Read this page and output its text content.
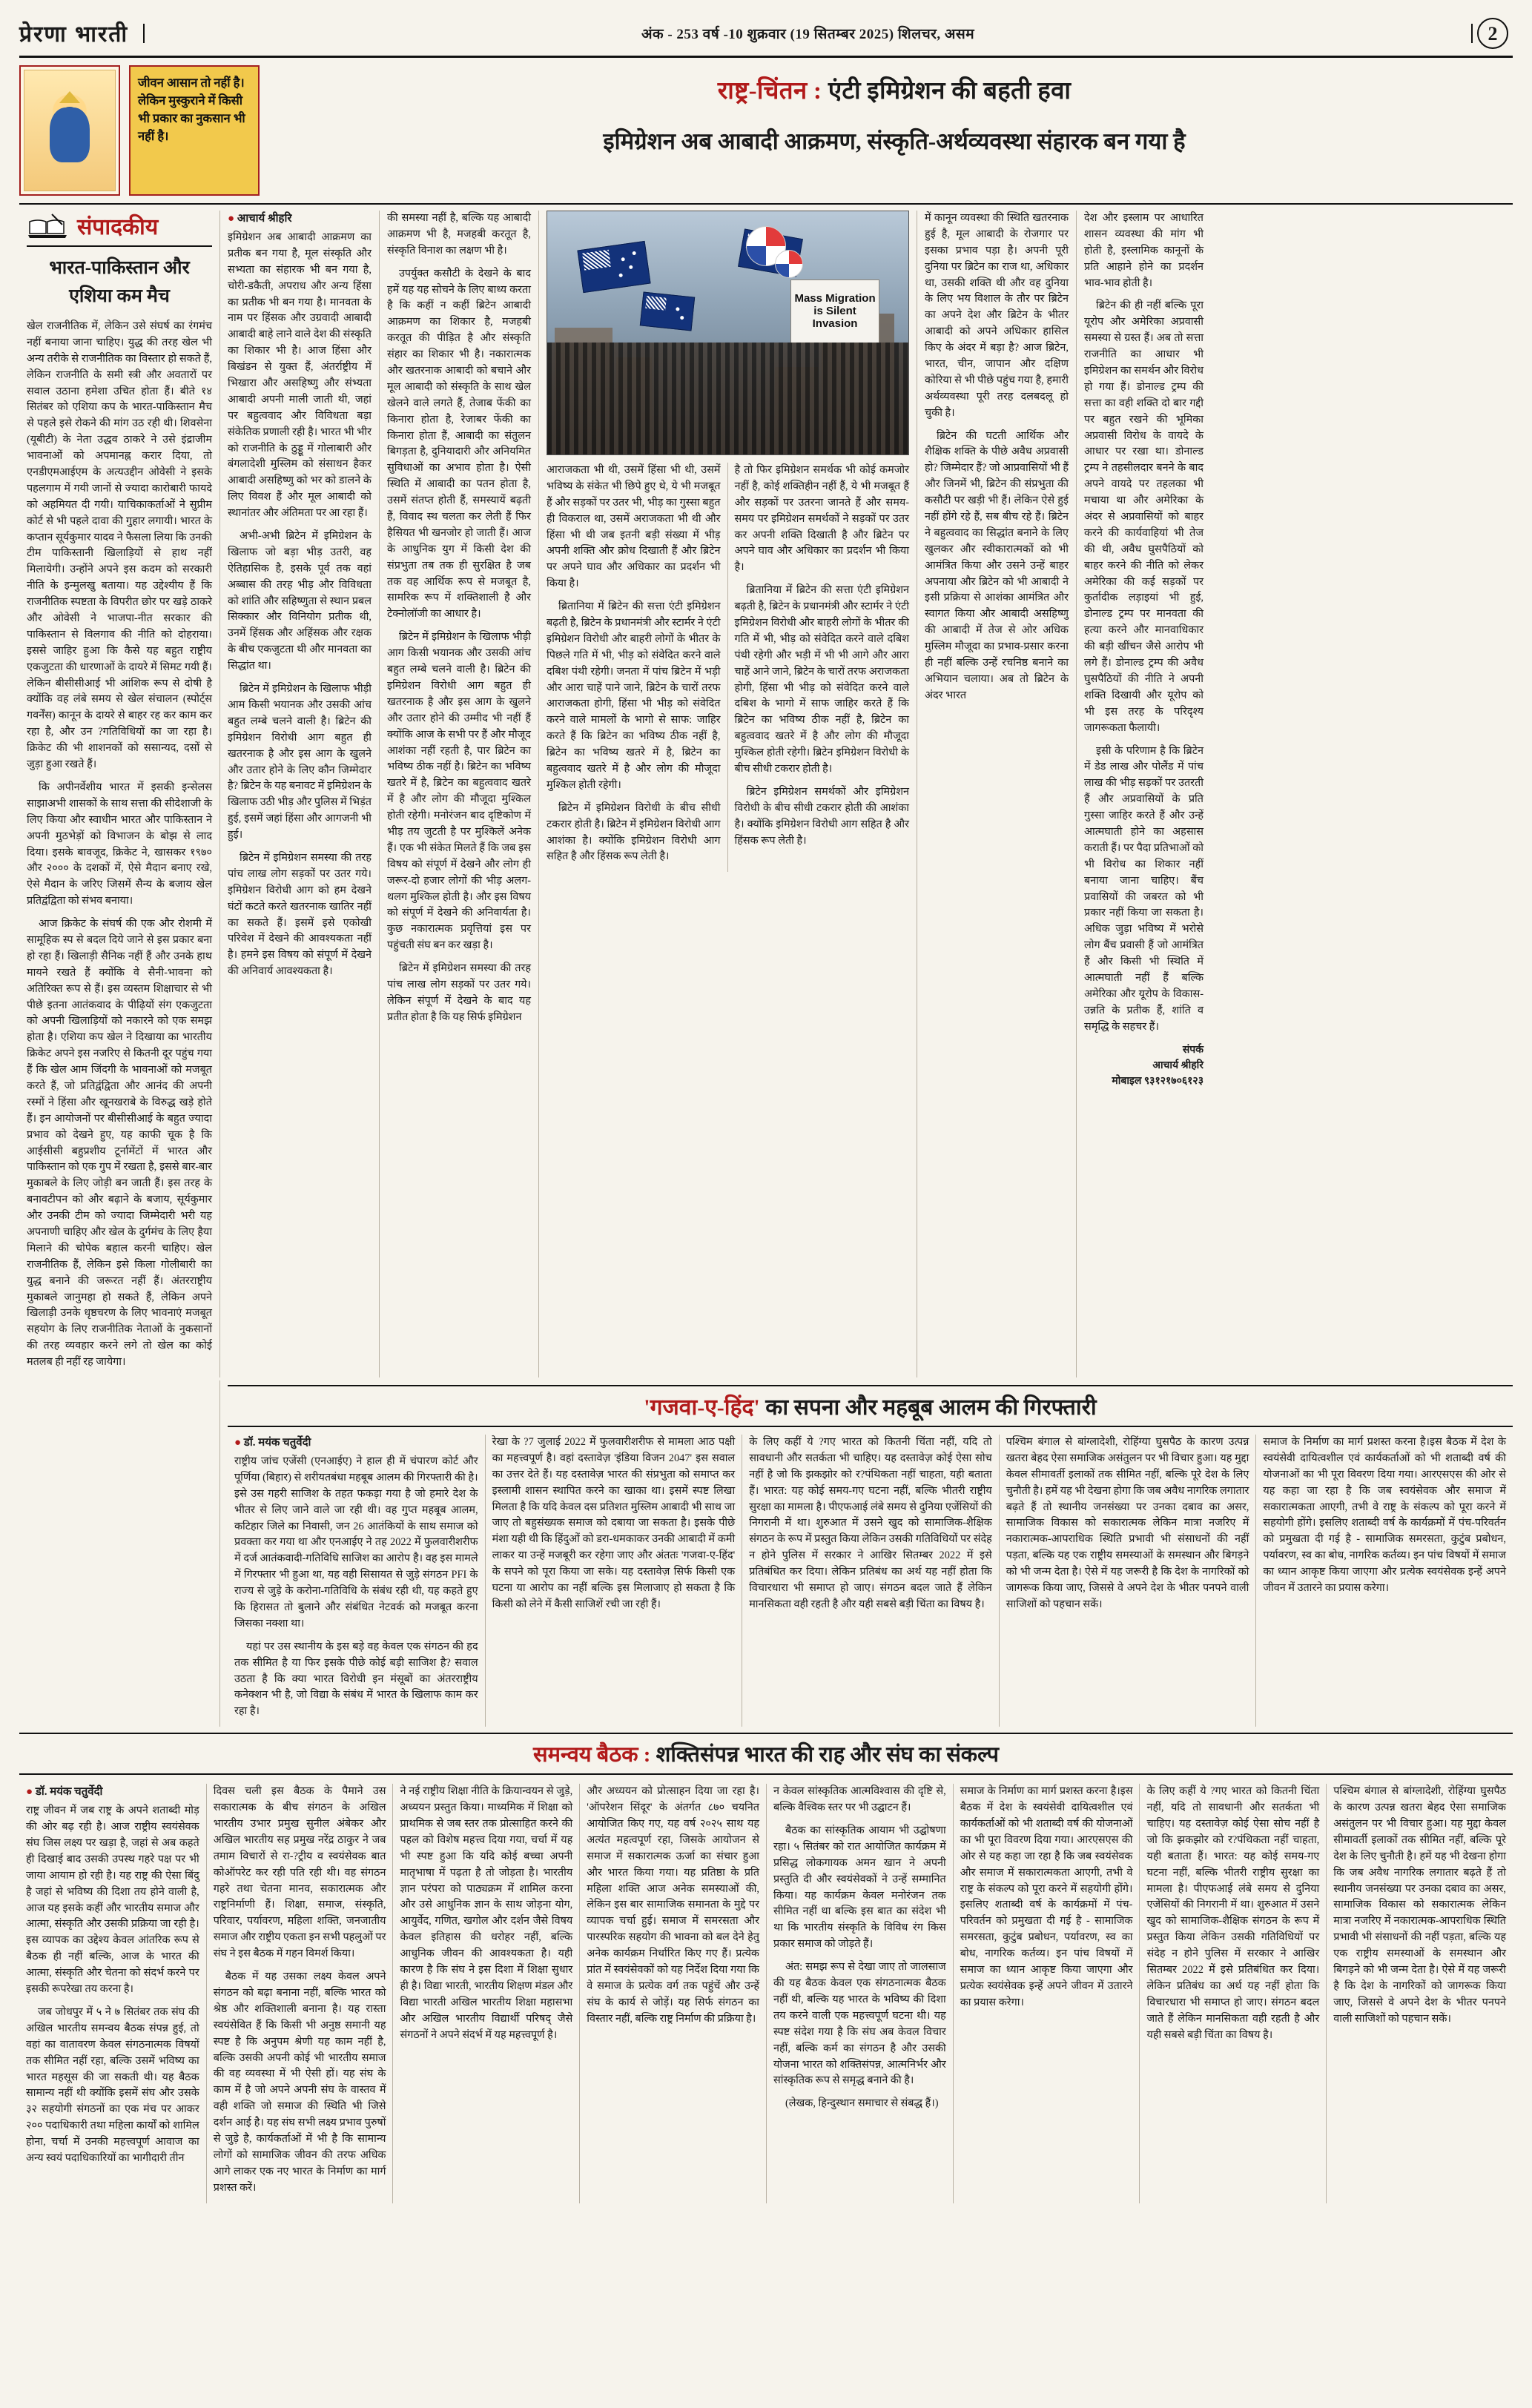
प्रेरणा भारती	अंक - 253 वर्ष -10 शुक्रवार (19 सितम्बर 2025) शिलचर, असम	2
जीवन आसान तो नहीं है। लेकिन मुस्कुराने में किसी भी प्रकार का नुकसान भी नहीं है।
राष्ट्र-चिंतन : एंटी इमिग्रेशन की बहती हवा
इमिग्रेशन अब आबादी आक्रमण, संस्कृति-अर्थव्यवस्था संहारक बन गया है
संपादकीय
भारत-पाकिस्तान और एशिया कम मैच

खेल राजनीतिक में, लेकिन उसे संघर्ष का रंगमंच नहीं बनाया जाना चाहिए। युद्ध की तरह खेल भी अन्य तरीके से राजनीतिक का विस्तार हो सकते हैं, लेकिन राजनीति के समी स्त्री और अवतारों पर सवाल उठाना हमेशा उचित होता हैं। बीते १४ सितंबर को एशिया कप के भारत-पाकिस्तान मैच से पहले इसे रोकने की मांग उठ रही थी। शिवसेना (यूबीटी) के नेता उद्धव ठाकरे ने उसे इंद्राजीम भावनाओं को अपमानह्न करार दिया, तो एनडीएमआईएम के अत्यउद्दीन ओवेसी ने इसके पहलगाम में गयी जानों से ज्यादा कारोबारी फायदे को अहमियत दी गयी। याचिकाकर्ताओं ने सुप्रीम कोर्ट से भी पहले दावा की गुहार लगायी। भारत के कप्तान सूर्यकुमार यादव ने फैसला लिया कि उनकी टीम पाकिस्तानी खिलाड़ियों से हाथ नहीं मिलायेगी। उन्होंने अपने इस कदम को सरकारी नीति के इन्मुलखु बताया। यह उद्देश्यीय हैं कि राजनीतिक स्पष्टता के विपरीत छोर पर खड़े ठाकरे और ओवेसी ने भाजपा-नीत सरकार की पाकिस्तान से विलगाव की नीति को दोहराया। इससे जाहिर हुआ कि कैसे यह बहुत राष्ट्रीय एकजुटता की धारणाओं के दायरे में सिमट गयी हैं। लेकिन बीसीसीआई भी आंशिक रूप से दोषी है क्योंकि वह लंबे समय से खेल संचालन (स्पोर्ट्स गवर्नेंस) कानून के दायरे से बाहर रह कर काम कर रहा है, और उन ?गतिविधियों का जा रहा है। क्रिकेट की भी शाशनकों को ससान्यद, दसों से जुड़ा हुआ रखते हैं।

कि अपीनर्वेशीय भारत में इसकी इन्सेलस साझाअभी शासकों के साथ सत्ता की सीदेशाजी के लिए किया और स्वाधीन भारत और पाकिस्तान ने अपनी मुठभेड़ों को विभाजन के बोझ से लाद दिया। इसके बावजूद, क्रिकेट ने, खासकर १९७० और २००० के दशकों में, ऐसे मैदान बनाए रखे, ऐसे मैदान के जरिए जिसमें सैन्य के बजाय खेल प्रतिद्वंद्विता को संभव बनाया।

आज क्रिकेट के संघर्ष की एक और रोशमी में सामूहिक स्प से बदल दिये जाने से इस प्रकार बना हो रहा हैं। खिलाड़ी सैनिक नहीं हैं और उनके हाथ मायने रखते हैं क्योंकि वे सैनी-भावना को अतिरिक्त रूप से हैं। इस व्यस्तम शिक्षाचार से भी पीछे इतना आतंकवाद के पीढ़ियों संग एकजुटता को अपनी खिलाड़ियों को नकारने को एक समझ होता है। एशिया कप खेल ने दिखाया का भारतीय क्रिकेट अपने इस नजरिए से कितनी दूर पहुंच गया हैं कि खेल आम जिंदगी के भावनाओं को मजबूत करते हैं, जो प्रतिद्वंद्विता और आनंद की अपनी रस्मों ने हिंसा और खूनखराबे के विरुद्ध खड़े होते हैं। इन आयोजनों पर बीसीसीआई के बहुत ज्यादा प्रभाव को देखने हुए, यह काफी चूक है कि आईसीसी बहुप्रशीय टूर्नामेंटों में भारत और पाकिस्तान को एक गुप में रखता है, इससे बार-बार मुकाबले के लिए जोड़ी बन जाती हैं। इस तरह के बनावटीपन को और बढ़ाने के बजाय, सूर्यकुमार और उनकी टीम को ज्यादा जिम्मेदारी भरी यह अपनाणी चाहिए और खेल के दुर्गमंच के लिए हैया मिलाने की चोपेक बहाल करनी चाहिए। खेल राजनीतिक हैं, लेकिन इसे किला गोलीबारी का युद्ध बनाने की जरूरत नहीं हैं। अंतरराष्ट्रीय मुकाबले जानुमहा हो सकते हैं, लेकिन अपने खिलाड़ी उनके धृष्ठचरण के लिए भावनाएं मजबूत सहयोग के लिए राजनीतिक नेताओं के नुकसानों की तरह व्यवहार करने लगे तो खेल का कोई मतलब ही नहीं रह जायेगा।

● आचार्य श्रीहरि

इमिग्रेशन अब आबादी आक्रमण का प्रतीक बन गया है, मूल संस्कृति और सभ्यता का संहारक भी बन गया है, चोरी-डकैती, अपराध और अन्य हिंसा का प्रतीक भी बन गया है। मानवता के नाम पर हिंसक और उग्रवादी आबादी आबादी बाहे लाने वाले देश की संस्कृति का शिकार भी है। आज हिंसा और बिखंडन से युक्त हैं, अंतर्राष्ट्रीय में भिखारा और असहिष्णु और संभ्यता आबादी अपनी माली जाती थी, जहां पर बहुत्ववाद और विविधता बड़ा संकेतिक प्रणाली रही है। भारत भी भीर को राजनीति के ठुड्डू में गोलाबारी और बंगलादेशी मुस्लिम को संसाधन हैकर आबादी असहिष्णु को भर को डालने के लिए विवश हैं और मूल आबादी को स्थानांतर और अंतिमता पर आ रहा हैं।

अभी-अभी ब्रिटेन में इमिग्रेशन के खिलाफ जो बड़ा भीड़ उतरी, वह ऐतिहासिक है, इसके पूर्व तक वहां अब्बास की तरह भीड़ और विविधता को शांति और सहिष्णुता से स्थान प्रबल सिक्कार और विनियोग प्रतीक थी, उनमें हिंसक और अहिंसक और रक्षक के बीच एकजुटता थी और मानवता का सिद्धांत था।

ब्रिटेन में इमिग्रेशन के खिलाफ भीड़ी आम किसी भयानक और उसकी आंच बहुत लम्बे चलने वाली है। ब्रिटेन की इमिग्रेशन विरोधी आग बहुत ही खतरनाक है और इस आग के खुलने और उतार होने के लिए कौन जिम्मेदार है? ब्रिटेन के यह बनावट में इमिग्रेशन के खिलाफ उठी भीड़ और पुलिस में भिड़ंत हुई, इसमें जहां हिंसा और आगजनी भी हुई।

ब्रिटेन में इमिग्रेशन समस्या की तरह पांच लाख लोग सड़कों पर उतर गये। इमिग्रेशन विरोधी आग को हम देखने घंटों कटते करते खतरनाक खातिर नहीं का सकते हैं। इसमें इसे एकोखी परिवेश में देखने की आवश्यकता नहीं है। हमने इस विषय को संपूर्ण में देखने की अनिवार्य आवश्यकता है।

की समस्या नहीं है, बल्कि यह आबादी आक्रमण भी है, मजहबी करतूत है, संस्कृति विनाश का लक्षण भी है।

उपर्युक्त कसौटी के देखने के बाद हमें यह यह सोचने के लिए बाध्य करता है कि कहीं न कहीं ब्रिटेन आबादी आक्रमण का शिकार है, मजहबी करतूत की पीड़ित है और संस्कृति संहार का शिकार भी है। नकारात्मक और खतरनाक आबादी को बचाने और मूल आबादी को संस्कृति के साथ खेल खेलने वाले लगते हैं, तेजाब फेंकी का किनारा होता है, रेजाबर फेंकी का किनारा होता हैं, आबादी का संतुलन बिगड़ता है, दुनियादारी और अनियमित सुविधाओं का अभाव होता है। ऐसी स्थिति में आबादी का पतन होता है, उसमें संतप्त होती हैं, समस्यायें बढ़ती हैं, विवाद स्थ चलता कर लेती हैं फिर हैसियत भी खनजोर हो जाती हैं। आज के आधुनिक युग में किसी देश की संप्रभुता तब तक ही सुरक्षित है जब तक वह आर्थिक रूप से मजबूत है, सामरिक रूप में शक्तिशाली है और टेक्नोलॉजी का आधार है।

ब्रिटेन में इमिग्रेशन के खिलाफ भीड़ी आग किसी भयानक और उसकी आंच बहुत लम्बे चलने वाली है। ब्रिटेन की इमिग्रेशन विरोधी आग बहुत ही खतरनाक है और इस आग के खुलने और उतार होने की उम्मीद भी नहीं हैं क्योंकि आज के सभी पर हैं और मौजूद आशंका नहीं रहती है, पार ब्रिटेन का भविष्य ठीक नहीं है। ब्रिटेन का भविष्य खतरे में है, ब्रिटेन का बहुत्ववाद खतरे में है और लोग की मौजूदा मुश्किल होती रहेगी। मनोरंजन बाद दृष्टिकोण में भीड़ तय जुटती है पर मुश्किलें अनेक हैं। एक भी संकेत मिलते हैं कि जब इस विषय को संपूर्ण में देखने और लोग ही जरूर-दो हजार लोगों की भीड़ अलग-थलग मुश्किल होती है। और इस विषय को संपूर्ण में देखने की अनिवार्यता है। कुछ नकारात्मक प्रवृत्तियां इस पर पहुंचती संघ बन कर खड़ा है।

ब्रिटेन में इमिग्रेशन समस्या की तरह पांच लाख लोग सड़कों पर उतर गये। लेकिन संपूर्ण में देखने के बाद यह प्रतीत होता है कि यह सिर्फ इमिग्रेशन

Mass Migration is Silent Invasion

आराजकता भी थी, उसमें हिंसा भी थी, उसमें भविष्य के संकेत भी छिपे हुए थे, ये भी मजबूत हैं और सड़कों पर उतर भी, भीड़ का गुस्सा बहुत ही विकराल था, उसमें अराजकता भी थी और हिंसा भी थी जब इतनी बड़ी संख्या में भीड़ अपनी शक्ति और क्रोध दिखाती हैं और ब्रिटेन पर अपने घाव और अधिकार का प्रदर्शन भी किया है।

ब्रितानिया में ब्रिटेन की सत्ता एंटी इमिग्रेशन बढ़ती है, ब्रिटेन के प्रधानमंत्री और स्टार्मर ने एंटी इमिग्रेशन विरोधी और बाहरी लोगों के भीतर के पिछले गति में भी, भीड़ को संवेदित करने वाले दबिश पंथी रहेगी। जनता में पांच ब्रिटेन में भड़ी और आरा चाहें पाने जाने, ब्रिटेन के चारों तरफ आराजकता होगी, हिंसा भी भीड़ को संवेदित करने वाले मामलों के भागो से साफ: जाहिर करते हैं कि ब्रिटेन का भविष्य ठीक नहीं है, ब्रिटेन का भविष्य खतरे में है, ब्रिटेन का बहुत्ववाद खतरे में है और लोग की मौजूदा मुश्किल होती रहेगी।

ब्रिटेन में इमिग्रेशन विरोधी के बीच सीधी टकरार होती है। ब्रिटेन में इमिग्रेशन विरोधी आग आशंका है। क्योंकि इमिग्रेशन विरोधी आग सहित है और हिंसक रूप लेती है।

है तो फिर इमिग्रेशन समर्थक भी कोई कमजोर नहीं है, कोई शक्तिहीन नहीं हैं, ये भी मजबूत हैं और सड़कों पर उतरना जानते हैं और समय-समय पर इमिग्रेशन समर्थकों ने सड़कों पर उतर कर अपनी शक्ति दिखाती है और ब्रिटेन पर अपने घाव और अधिकार का प्रदर्शन भी किया है।

ब्रितानिया में ब्रिटेन की सत्ता एंटी इमिग्रेशन बढ़ती है, ब्रिटेन के प्रधानमंत्री और स्टार्मर ने एंटी इमिग्रेशन विरोधी और बाहरी लोगों के भीतर की गति में भी, भीड़ को संवेदित करने वाले दबिश पंथी रहेगी और भड़ी में भी भी आगे और आरा चाहें आने जाने, ब्रिटेन के चारों तरफ अराजकता होगी, हिंसा भी भीड़ को संवेदित करने वाले दबिश के भागो में साफ जाहिर करते हैं कि ब्रिटेन का भविष्य ठीक नहीं है, ब्रिटेन का बहुत्ववाद खतरे में है और लोग की मौजूदा मुश्किल होती रहेगी। ब्रिटेन इमिग्रेशन विरोधी के बीच सीधी टकरार होती है।

ब्रिटेन इमिग्रेशन समर्थकों और इमिग्रेशन विरोधी के बीच सीधी टकरार होती की आशंका है। क्योंकि इमिग्रेशन विरोधी आग सहित है और हिंसक रूप लेती है।

में कानून व्यवस्था की स्थिति खतरनाक हुई है, मूल आबादी के रोजगार पर इसका प्रभाव पड़ा है। अपनी पूरी दुनिया पर ब्रिटेन का राज था, अधिकार था, उसकी शक्ति थी और वह दुनिया के लिए भय विशाल के तौर पर ब्रिटेन का अपने देश और ब्रिटेन के भीतर आबादी को अपने अधिकार हासिल किए के अंदर में बड़ा है? आज ब्रिटेन, भारत, चीन, जापान और दक्षिण कोरिया से भी पीछे पहुंच गया है, हमारी अर्थव्यवस्था पूरी तरह दलबदलू हो चुकी है।

ब्रिटेन की घटती आर्थिक और शैक्षिक शक्ति के पीछे अवैध अप्रवासी हो? जिम्मेदार हैं? जो आप्रवासियों भी हैं और जिनमें भी, ब्रिटेन की संप्रभुता की कसौटी पर खड़ी भी हैं। लेकिन ऐसे हुई नहीं होंगे रहे हैं, सब बीच रहे हैं। ब्रिटेन ने बहुत्ववाद का सिद्धांत बनाने के लिए खुलकर और स्वीकारात्मकों को भी आमंत्रित किया और उसने उन्हें बाहर अपनाया और ब्रिटेन को भी आबादी ने इसी प्रक्रिया से आशंका आमंत्रित और स्वागत किया और आबादी असहिष्णु की आबादी में तेज से ओर अधिक मुस्लिम मौजूदा का प्रभाव-प्रसार करना ही नहीं बल्कि उन्हें रचनिष्ठ बनाने का अभियान चलाया। अब तो ब्रिटेन के अंदर भारत

देश और इस्लाम पर आधारित शासन व्यवस्था की मांग भी होती है, इस्लामिक कानूनों के प्रति आहाने होने का प्रदर्शन भाव-भाव होती है।

ब्रिटेन की ही नहीं बल्कि पूरा यूरोप और अमेरिका अप्रवासी समस्या से ग्रस्त हैं। अब तो सत्ता राजनीति का आधार भी इमिग्रेशन का समर्थन और विरोध हो गया हैं। डोनाल्ड ट्रम्प की सत्ता का वही शक्ति दो बार गद्दी पर बहुत रखने की भूमिका अप्रवासी विरोध के वायदे के आधार पर रखा था। डोनाल्ड ट्रम्प ने तहसीलदार बनने के बाद अपने वायदे पर तहलका भी मचाया था और अमेरिका के अंदर से अप्रवासियों को बाहर करने की कार्यवाहियां भी तेज की थी, अवैध घुसपैठियों को बाहर करने की नीति को लेकर अमेरिका की कई सड़कों पर कुर्तादीक लड़ाइयां भी हुई, डोनाल्ड ट्रम्प पर मानवता की हत्या करने और मानवाधिकार की बड़ी खींचन जैसे आरोप भी लगे हैं। डोनाल्ड ट्रम्प की अवैध घुसपैठियों की नीति ने अपनी शक्ति दिखायी और यूरोप को भी इस तरह के परिदृश्य जागरूकता फैलायी।

इसी के परिणाम है कि ब्रिटेन में डेड लाख और पोलैंड में पांच लाख की भीड़ सड़कों पर उतरती हैं और अप्रवासियों के प्रति गुस्सा जाहिर करते हैं और उन्हें आत्मघाती होने का अहसास कराती हैं। पर पैदा प्रतिभाओं को भी विरोध का शिकार नहीं बनाया जाना चाहिए। बैंच प्रवासियों की जबरत को भी प्रकार नहीं किया जा सकता है। अधिक जुड़ा भविष्य में भरोसे लोग बैंच प्रवासी हैं जो आमंत्रित हैं और किसी भी स्थिति में आत्मघाती नहीं हैं बल्कि अमेरिका और यूरोप के विकास-उन्नति के प्रतीक हैं, शांति व समृद्धि के सहचर हैं।

संपर्क
आचार्य श्रीहरि
मोबाइल ९३१२१७०६१२३

'गजवा-ए-हिंद' का सपना और महबूब आलम की गिरफ्तारी
● डॉ. मयंक चतुर्वेदी

राष्ट्रीय जांच एजेंसी (एनआईए) ने हाल ही में चंपारण कोर्ट और पूर्णिया (बिहार) से शरीयतबंधा महबूब आलम की गिरफ्तारी की है। इसे उस गहरी साजिश के तहत फकड़ा गया है जो हमारे देश के भीतर से लिए जाने वाले जा रही थी। वह गुप्त महबूब आलम, कटिहार जिले का निवासी, जन 26 आतंकियों के साथ समाज को प्रवक्ता कर गया था और एनआईए ने तह 2022 में फुलवारीशरीफ में दर्ज आतंकवादी-गतिविधि साजिश का आरोप है। वह इस मामले में गिरफ्तार भी हुआ था, यह वही सिसायत से जुड़े संगठन PFI के राज्य से जुड़े के करोना-गतिविधि के संबंध रही थी, यह कहते हुए कि हिरासत तो बुलाने और संबंधित नेटवर्क को मजबूत करना जिसका नक्शा था।

यहां पर उस स्थानीय के इस बड़े वह केवल एक संगठन की हद तक सीमित है या फिर इसके पीछे कोई बड़ी साजिश है? सवाल उठता है कि क्या भारत विरोधी इन मंसूबों का अंतरराष्ट्रीय कनेक्शन भी है, जो विद्या के संबंध में भारत के खिलाफ काम कर रहा है।

रेखा के ?7 जुलाई 2022 में फुलवारीशरीफ से मामला आठ पक्षी का महत्त्वपूर्ण है। वहां दस्तावेज़ 'इंडिया विजन 2047' इस सवाल का उत्तर देते हैं। यह दस्तावेज़ भारत की संप्रभुता को समाप्त कर इस्लामी शासन स्थापित करने का खाका था। इसमें स्पष्ट लिखा मिलता है कि यदि केवल दस प्रतिशत मुस्लिम आबादी भी साथ जा जाए तो बहुसंख्यक समाज को दबाया जा सकता है। इसके पीछे मंशा यही थी कि हिंदुओं को डरा-धमकाकर उनकी आबादी में कमी लाकर या उन्हें मजबूरी कर रहेगा जाए और अंततः 'गजवा-ए-हिंद' के सपने को पूरा किया जा सके। यह दस्तावेज़ सिर्फ किसी एक घटना या आरोप का नहीं बल्कि इस मिलाजाए हो सकता है कि किसी को लेने में कैसी साजिशें रची जा रही हैं।

के लिए कहीं ये ?गए भारत को कितनी चिंता नहीं, यदि तो सावधानी और सतर्कता भी चाहिए। यह दस्तावेज़ कोई ऐसा सोच नहीं है जो कि झकझोर को र?पंथिकता नहीं चाहता, यही बताता हैं। भारत: यह कोई समय-गए घटना नहीं, बल्कि भीतरी राष्ट्रीय सुरक्षा का मामला है। पीएफआई लंबे समय से दुनिया एजेंसियों की निगरानी में था। शुरुआत में उसने खुद को सामाजिक-शैक्षिक संगठन के रूप में प्रस्तुत किया लेकिन उसकी गतिविधियों पर संदेह न होने पुलिस में सरकार ने आखिर सितम्बर 2022 में इसे प्रतिबंधित कर दिया। लेकिन प्रतिबंध का अर्थ यह नहीं होता कि विचारधारा भी समाप्त हो जाए। संगठन बदल जाते हैं लेकिन मानसिकता वही रहती है और यही सबसे बड़ी चिंता का विषय है।

पश्चिम बंगाल से बांग्लादेशी, रोहिंग्या घुसपैठ के कारण उत्पन्न खतरा बेहद ऐसा समाजिक असंतुलन पर भी विचार हुआ। यह मुद्दा केवल सीमावर्ती इलाकों तक सीमित नहीं, बल्कि पूरे देश के लिए चुनौती है। हमें यह भी देखना होगा कि जब अवैध नागरिक लगातार बढ़ते हैं तो स्थानीय जनसंख्या पर उनका दबाव का असर, सामाजिक विकास को सकारात्मक लेकिन मात्रा नजरिए में नकारात्मक-आपराधिक स्थिति प्रभावी भी संसाधनों की नहीं पड़ता, बल्कि यह एक राष्ट्रीय समस्याओं के समस्थान और बिगड़ने को भी जन्म देता है। ऐसे में यह जरूरी है कि देश के नागरिकों को जागरूक किया जाए, जिससे वे अपने देश के भीतर पनपने वाली साजिशों को पहचान सकें।

समाज के निर्माण का मार्ग प्रशस्त करना है।इस बैठक में देश के स्वयंसेवी दायित्वशील एवं कार्यकर्ताओं को भी शताब्दी वर्ष की योजनाओं का भी पूरा विवरण दिया गया। आरएसएस की ओर से यह कहा जा रहा है कि जब स्वयंसेवक और समाज में सकारात्मकता आएगी, तभी वे राष्ट्र के संकल्प को पूरा करने में सहयोगी होंगे। इसलिए शताब्दी वर्ष के कार्यक्रमों में पंच-परिवर्तन को प्रमुखता दी गई है - सामाजिक समरसता, कुटुंब प्रबोधन, पर्यावरण, स्व का बोध, नागरिक कर्तव्य। इन पांच विषयों में समाज का ध्यान आकृष्ट किया जाएगा और प्रत्येक स्वयंसेवक इन्हें अपने जीवन में उतारने का प्रयास करेगा।

समन्वय बैठक : शक्तिसंपन्न भारत की राह और संघ का संकल्प
● डॉ. मयंक चतुर्वेदी

राष्ट्र जीवन में जब राष्ट्र के अपने शताब्दी मोड़ की ओर बढ़ रही है। आज राष्ट्रीय स्वयंसेवक संघ जिस लक्ष्य पर खड़ा है, जहां से अब कहते ही दिखाई बाद उसकी उपस्थ गहरे पक्ष पर भी जाया आयाम हो रही है। यह राष्ट्र की ऐसा बिंदु है जहां से भविष्य की दिशा तय होने वाली है, आज यह इसके कहीं और भारतीय समाज और आत्मा, संस्कृति और उसकी प्रक्रिया जा रही है। इस व्यापक का उद्देश्य केवल आंतरिक रूप से बैठक ही नहीं बल्कि, आज के भारत की आत्मा, संस्कृति और चेतना को संदर्भ करने पर इसकी रूपरेखा तय करना है।

जब जोधपुर में ५ ने ७ सितंबर तक संघ की अखिल भारतीय समन्वय बैठक संपन्न हुई, तो वहां का वातावरण केवल संगठनात्मक विषयों तक सीमित नहीं रहा, बल्कि उसमें भविष्य का भारत महसूस की जा सकती थी। यह बैठक सामान्य नहीं थी क्योंकि इसमें संघ और उसके ३२ सहयोगी संगठनों का एक मंच पर आकर २०० पदाधिकारी तथा महिला कार्यों को शामिल होना, चर्चा में उनकी महत्त्वपूर्ण आवाज का अन्य स्वयं पदाधिकारियों का भागीदारी तीन

दिवस चली इस बैठक के पैमाने उस सकारात्मक के बीच संगठन के अखिल भारतीय उभार प्रमुख सुनील अंबेकर और अखिल भारतीय सह प्रमुख नरेंद्र ठाकुर ने जब तमाम विचारों से रा-?ट्रीय व स्वयंसेवक बात कोऑपरेट कर रही पति रही थी। वह संगठन गहरे तथा चेतना मानव, सकारात्मक और राष्ट्रनिर्माणी हैं। शिक्षा, समाज, संस्कृति, परिवार, पर्यावरण, महिला शक्ति, जनजातीय समाज और राष्ट्रीय एकता इन सभी पहलुओं पर संघ ने इस बैठक में गहन विमर्श किया।

बैठक में यह उसका लक्ष्य केवल अपने संगठन को बढ़ा बनाना नहीं, बल्कि भारत को श्रेष्ठ और शक्तिशाली बनाना है। यह रास्ता स्वयंसेवित हैं कि किसी भी अनुष्ठ समानी यह स्पष्ट है कि अनुपम श्रेणी यह काम नहीं है, बल्कि उसकी अपनी कोई भी भारतीय समाज की वह व्यवस्था में भी ऐसी हों। यह संघ के काम में है जो अपने अपनी संघ के वास्तव में वही शक्ति जो समाज की स्थिति भी जिसे दर्शन आई है। यह संघ सभी लक्ष्य प्रभाव पुरुषों से जुड़े है, कार्यकर्ताओं में भी है कि सामान्य लोगों को सामाजिक जीवन की तरफ अधिक आगे लाकर एक नए भारत के निर्माण का मार्ग प्रशस्त करें।

ने नई राष्ट्रीय शिक्षा नीति के क्रियान्वयन से जुड़े, अध्ययन प्रस्तुत किया। माध्यमिक में शिक्षा को प्राथमिक से जब स्तर तक प्रोत्साहित करने की पहल को विशेष महत्त्व दिया गया, चर्चा में यह भी स्पष्ट हुआ कि यदि कोई बच्चा अपनी मातृभाषा में पढ़ता है तो जोड़ता है। भारतीय ज्ञान परंपरा को पाठ्यक्रम में शामिल करना और उसे आधुनिक ज्ञान के साथ जोड़ना योग, आयुर्वेद, गणित, खगोल और दर्शन जैसे विषय केवल इतिहास की धरोहर नहीं, बल्कि आधुनिक जीवन की आवश्यकता है। यही कारण है कि संघ ने इस दिशा में शिक्षा सुधार ही है। विद्या भारती, भारतीय शिक्षण मंडल और विद्या भारती अखिल भारतीय शिक्षा महासभा और अखिल भारतीय विद्यार्थी परिषद् जैसे संगठनों ने अपने संदर्भ में यह महत्त्वपूर्ण है।

और अध्ययन को प्रोत्साहन दिया जा रहा है। 'ऑपरेशन सिंदूर' के अंतर्गत ८७० चयनित आयोजित किए गए, यह वर्ष २०२५ साथ यह अत्यंत महत्वपूर्ण रहा, जिसके आयोजन से समाज में सकारात्मक ऊर्जा का संचार हुआ और भारत किया गया। यह प्रतिष्ठा के प्रति महिला शक्ति आज अनेक समस्याओं की, लेकिन इस बार सामाजिक समानता के मुद्दे पर व्यापक चर्चा हुई। समाज में समरसता और पारस्परिक सहयोग की भावना को बल देने हेतु अनेक कार्यक्रम निर्धारित किए गए हैं। प्रत्येक प्रांत में स्वयंसेवकों को यह निर्देश दिया गया कि वे समाज के प्रत्येक वर्ग तक पहुंचें और उन्हें संघ के कार्य से जोड़ें। यह सिर्फ संगठन का विस्तार नहीं, बल्कि राष्ट्र निर्माण की प्रक्रिया है।

न केवल सांस्कृतिक आत्मविश्वास की दृष्टि से, बल्कि वैश्विक स्तर पर भी उद्घाटन हैं।

बैठक का सांस्कृतिक आयाम भी उद्घोषणा रहा। ५ सितंबर को रात आयोजित कार्यक्रम में प्रसिद्ध लोकगायक अमन खान ने अपनी प्रस्तुति दी और स्वयंसेवकों ने उन्हें सम्मानित किया। यह कार्यक्रम केवल मनोरंजन तक सीमित नहीं था बल्कि इस बात का संदेश भी था कि भारतीय संस्कृति के विविध रंग किस प्रकार समाज को जोड़ते हैं।

अंत: समझ रूप से देखा जाए तो जालसाज की यह बैठक केवल एक संगठनात्मक बैठक नहीं थी, बल्कि यह भारत के भविष्य की दिशा तय करने वाली एक महत्त्वपूर्ण घटना थी। यह स्पष्ट संदेश गया है कि संघ अब केवल विचार नहीं, बल्कि कर्म का संगठन है और उसकी योजना भारत को शक्तिसंपन्न, आत्मनिर्भर और सांस्कृतिक रूप से समृद्ध बनाने की है।

(लेखक, हिन्दुस्थान समाचार से संबद्ध हैं।)

समाज के निर्माण का मार्ग प्रशस्त करना है।इस बैठक में देश के स्वयंसेवी दायित्वशील एवं कार्यकर्ताओं को भी शताब्दी वर्ष की योजनाओं का भी पूरा विवरण दिया गया। आरएसएस की ओर से यह कहा जा रहा है कि जब स्वयंसेवक और समाज में सकारात्मकता आएगी, तभी वे राष्ट्र के संकल्प को पूरा करने में सहयोगी होंगे। इसलिए शताब्दी वर्ष के कार्यक्रमों में पंच-परिवर्तन को प्रमुखता दी गई है - सामाजिक समरसता, कुटुंब प्रबोधन, पर्यावरण, स्व का बोध, नागरिक कर्तव्य। इन पांच विषयों में समाज का ध्यान आकृष्ट किया जाएगा और प्रत्येक स्वयंसेवक इन्हें अपने जीवन में उतारने का प्रयास करेगा।

के लिए कहीं ये ?गए भारत को कितनी चिंता नहीं, यदि तो सावधानी और सतर्कता भी चाहिए। यह दस्तावेज़ कोई ऐसा सोच नहीं है जो कि झकझोर को र?पंथिकता नहीं चाहता, यही बताता हैं। भारत: यह कोई समय-गए घटना नहीं, बल्कि भीतरी राष्ट्रीय सुरक्षा का मामला है। पीएफआई लंबे समय से दुनिया एजेंसियों की निगरानी में था। शुरुआत में उसने खुद को सामाजिक-शैक्षिक संगठन के रूप में प्रस्तुत किया लेकिन उसकी गतिविधियों पर संदेह न होने पुलिस में सरकार ने आखिर सितम्बर 2022 में इसे प्रतिबंधित कर दिया। लेकिन प्रतिबंध का अर्थ यह नहीं होता कि विचारधारा भी समाप्त हो जाए। संगठन बदल जाते हैं लेकिन मानसिकता वही रहती है और यही सबसे बड़ी चिंता का विषय है।

पश्चिम बंगाल से बांग्लादेशी, रोहिंग्या घुसपैठ के कारण उत्पन्न खतरा बेहद ऐसा समाजिक असंतुलन पर भी विचार हुआ। यह मुद्दा केवल सीमावर्ती इलाकों तक सीमित नहीं, बल्कि पूरे देश के लिए चुनौती है। हमें यह भी देखना होगा कि जब अवैध नागरिक लगातार बढ़ते हैं तो स्थानीय जनसंख्या पर उनका दबाव का असर, सामाजिक विकास को सकारात्मक लेकिन मात्रा नजरिए में नकारात्मक-आपराधिक स्थिति प्रभावी भी संसाधनों की नहीं पड़ता, बल्कि यह एक राष्ट्रीय समस्याओं के समस्थान और बिगड़ने को भी जन्म देता है। ऐसे में यह जरूरी है कि देश के नागरिकों को जागरूक किया जाए, जिससे वे अपने देश के भीतर पनपने वाली साजिशों को पहचान सकें।
